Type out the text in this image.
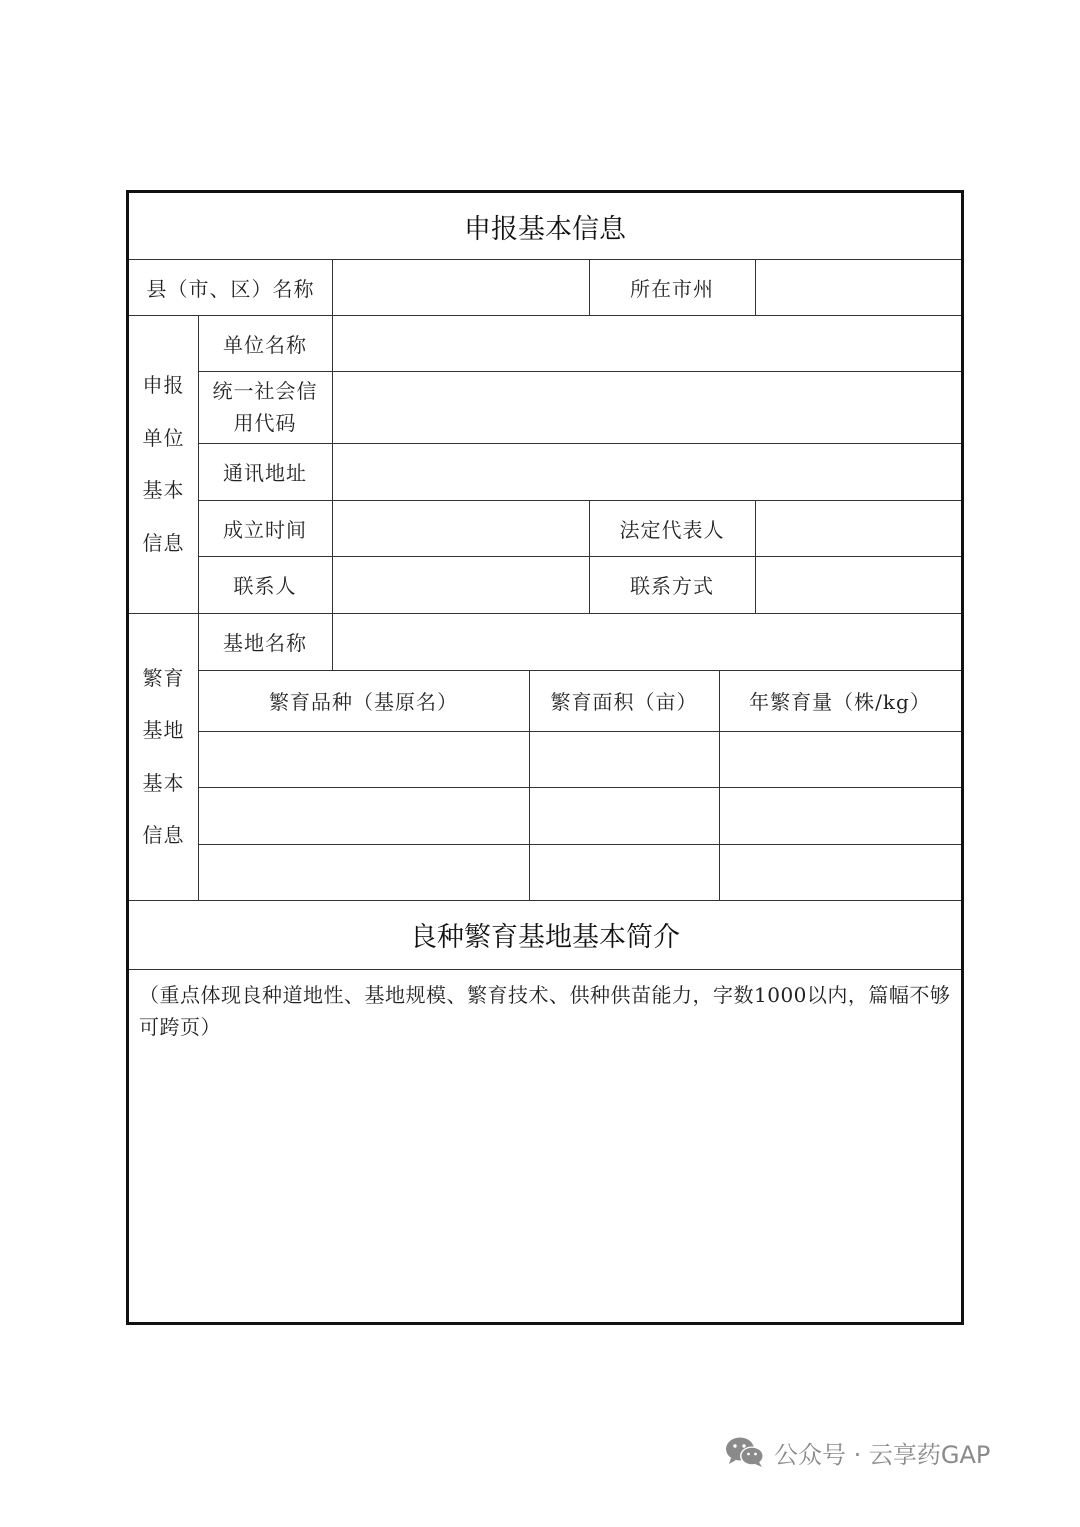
申报基本信息
县（市、区）名称	所在市州
申报
单位
基本
信息
单位名称
统一社会信
用代码
通讯地址
成立时间	法定代表人
联系人	联系方式
繁育
基地
基本
信息
基地名称
繁育品种（基原名）	繁育面积（亩）	年繁育量（株/kg）
良种繁育基地基本简介
（重点体现良种道地性、基地规模、繁育技术、供种供苗能力，字数1000以内，篇幅不够可跨页）
公众号 · 云享药GAP
